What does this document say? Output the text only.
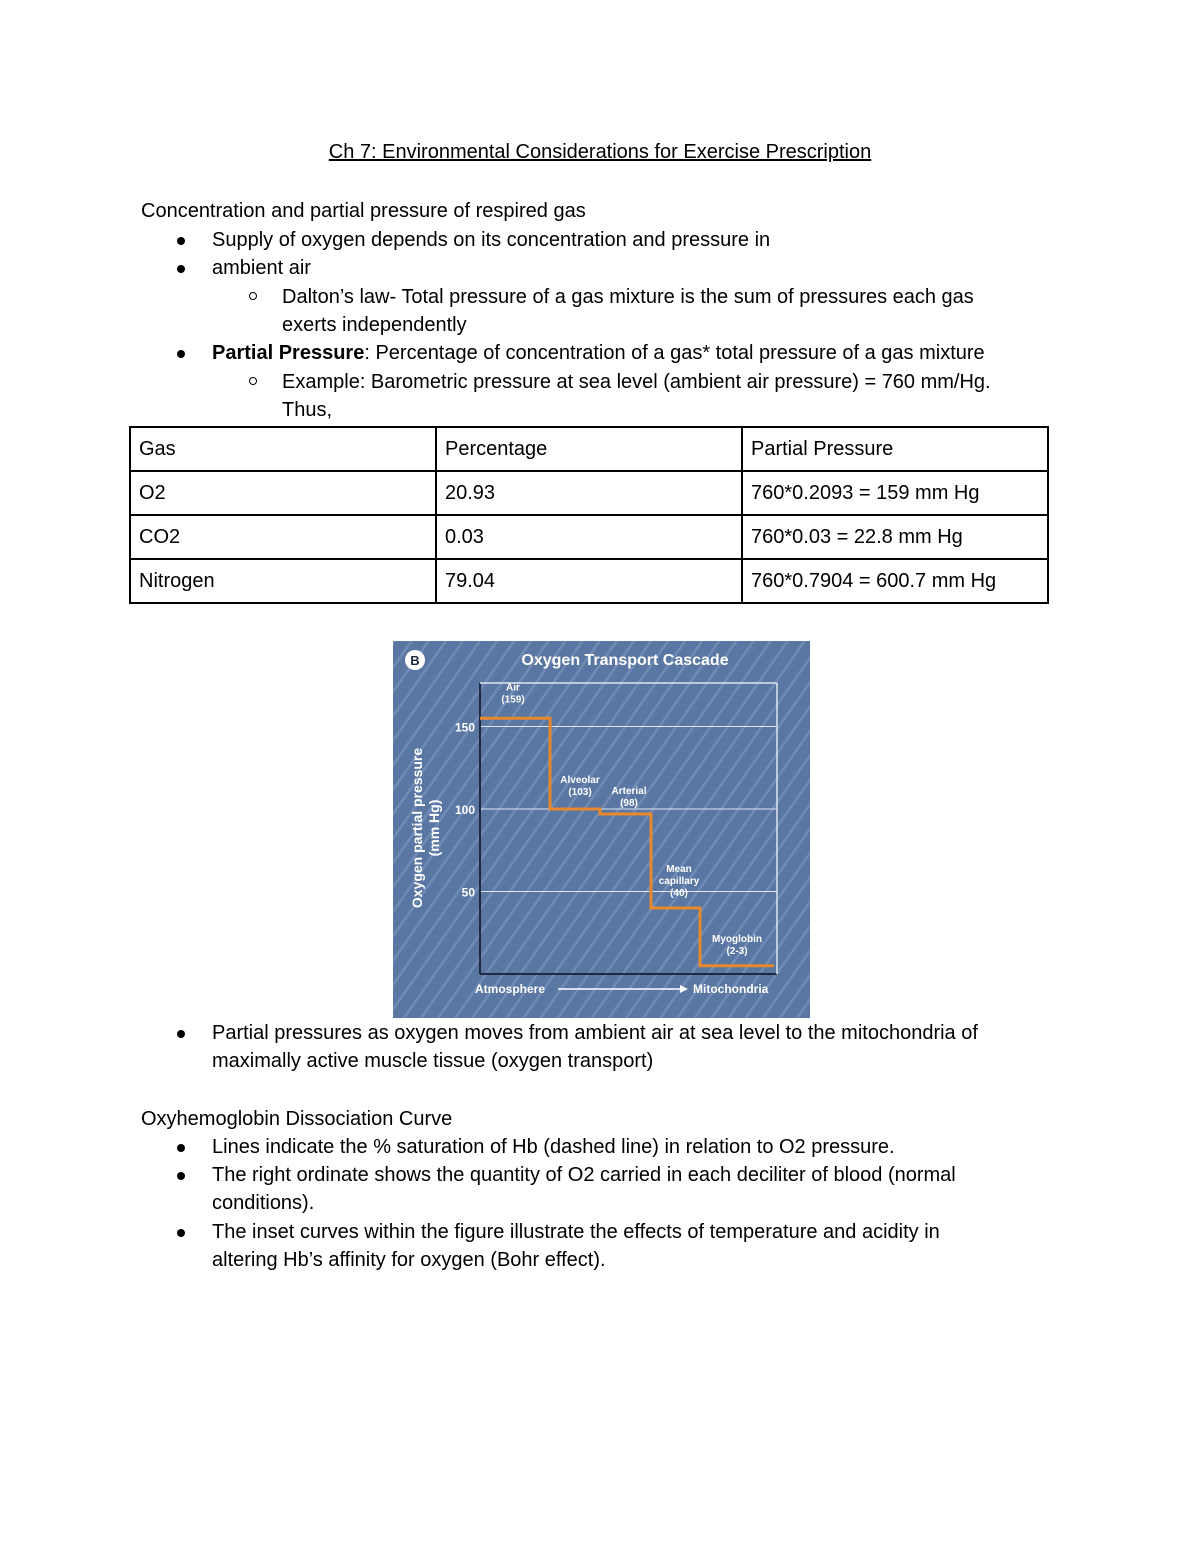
Ch 7: Environmental Considerations for Exercise Prescription
Concentration and partial pressure of respired gas
Supply of oxygen depends on its concentration and pressure in
ambient air
Dalton’s law- Total pressure of a gas mixture is the sum of pressures each gas
exerts independently
Partial Pressure: Percentage of concentration of a gas* total pressure of a gas mixture
Example: Barometric pressure at sea level (ambient air pressure) = 760 mm/Hg.
Thus,
Gas	Percentage	Partial Pressure
O2	20.93	760*0.2093 = 159 mm Hg
CO2	0.03	760*0.03 = 22.8 mm Hg
Nitrogen	79.04	760*0.7904 = 600.7 mm Hg
B	Oxygen Transport Cascade
Oxygen partial pressure (mm Hg)
50
100
150
Atmosphere	Mitochondria
Air
(159)
Alveolar
(103) Arterial
(98)
Mean
capillary
(40)
Myoglobin
(2-3)
Partial pressures as oxygen moves from ambient air at sea level to the mitochondria of
maximally active muscle tissue (oxygen transport)
Oxyhemoglobin Dissociation Curve
Lines indicate the % saturation of Hb (dashed line) in relation to O2 pressure.
The right ordinate shows the quantity of O2 carried in each deciliter of blood (normal
conditions).
The inset curves within the figure illustrate the effects of temperature and acidity in
altering Hb’s affinity for oxygen (Bohr effect).
